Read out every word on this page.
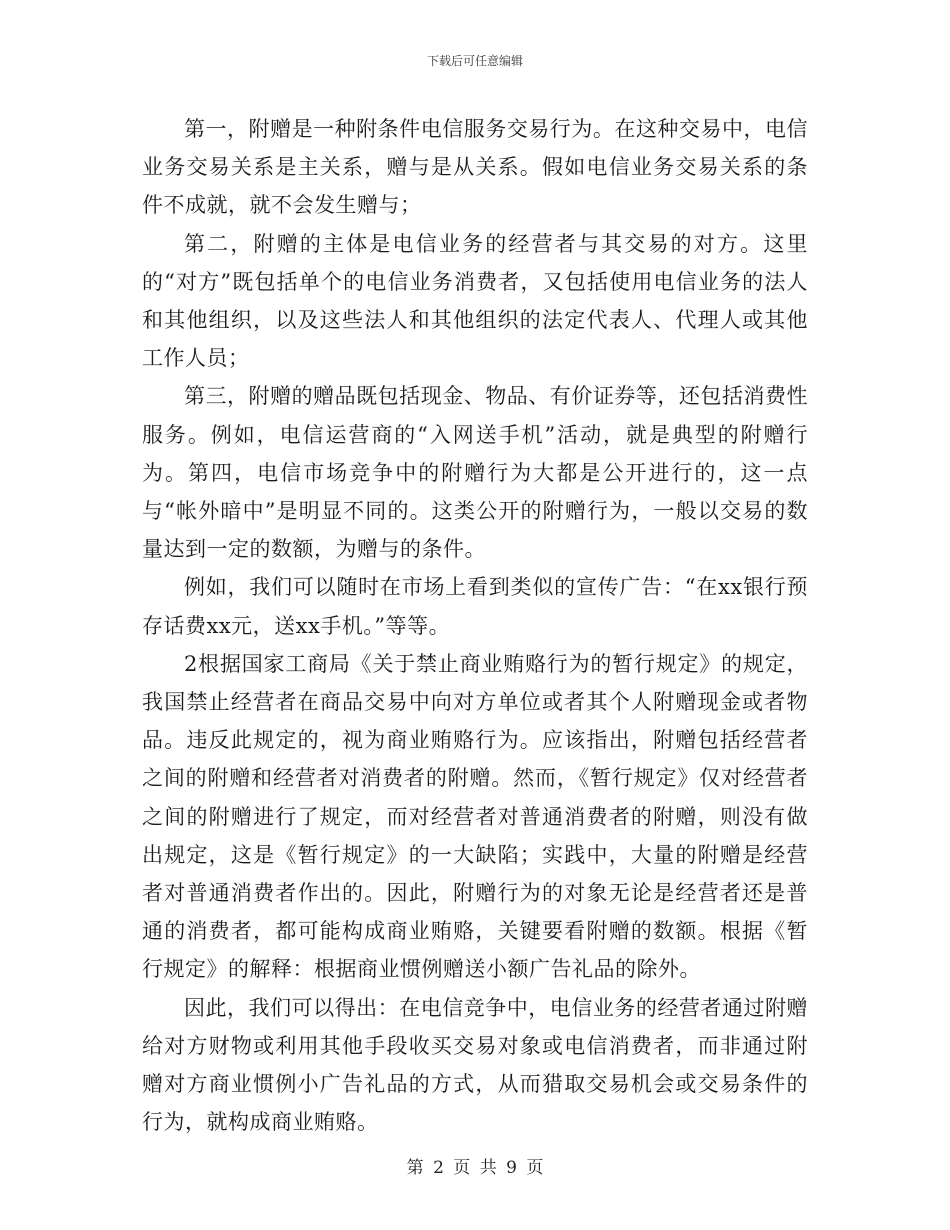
下载后可任意编辑

第一，附赠是一种附条件电信服务交易行为。在这种交易中，电信业务交易关系是主关系，赠与是从关系。假如电信业务交易关系的条件不成就，就不会发生赠与；

第二，附赠的主体是电信业务的经营者与其交易的对方。这里的“对方”既包括单个的电信业务消费者，又包括使用电信业务的法人和其他组织，以及这些法人和其他组织的法定代表人、代理人或其他工作人员；

第三，附赠的赠品既包括现金、物品、有价证券等，还包括消费性服务。例如，电信运营商的“入网送手机”活动，就是典型的附赠行为。第四，电信市场竞争中的附赠行为大都是公开进行的，这一点与“帐外暗中”是明显不同的。这类公开的附赠行为，一般以交易的数量达到一定的数额，为赠与的条件。

例如，我们可以随时在市场上看到类似的宣传广告：“在xx银行预存话费xx元，送xx手机。”等等。

2根据国家工商局《关于禁止商业贿赂行为的暂行规定》的规定，我国禁止经营者在商品交易中向对方单位或者其个人附赠现金或者物品。违反此规定的，视为商业贿赂行为。应该指出，附赠包括经营者之间的附赠和经营者对消费者的附赠。然而，《暂行规定》仅对经营者之间的附赠进行了规定，而对经营者对普通消费者的附赠，则没有做出规定，这是《暂行规定》的一大缺陷；实践中，大量的附赠是经营者对普通消费者作出的。因此，附赠行为的对象无论是经营者还是普通的消费者，都可能构成商业贿赂，关键要看附赠的数额。根据《暂行规定》的解释：根据商业惯例赠送小额广告礼品的除外。

因此，我们可以得出：在电信竞争中，电信业务的经营者通过附赠给对方财物或利用其他手段收买交易对象或电信消费者，而非通过附赠对方商业惯例小广告礼品的方式，从而猎取交易机会或交易条件的行为，就构成商业贿赂。

第 2 页 共 9 页
